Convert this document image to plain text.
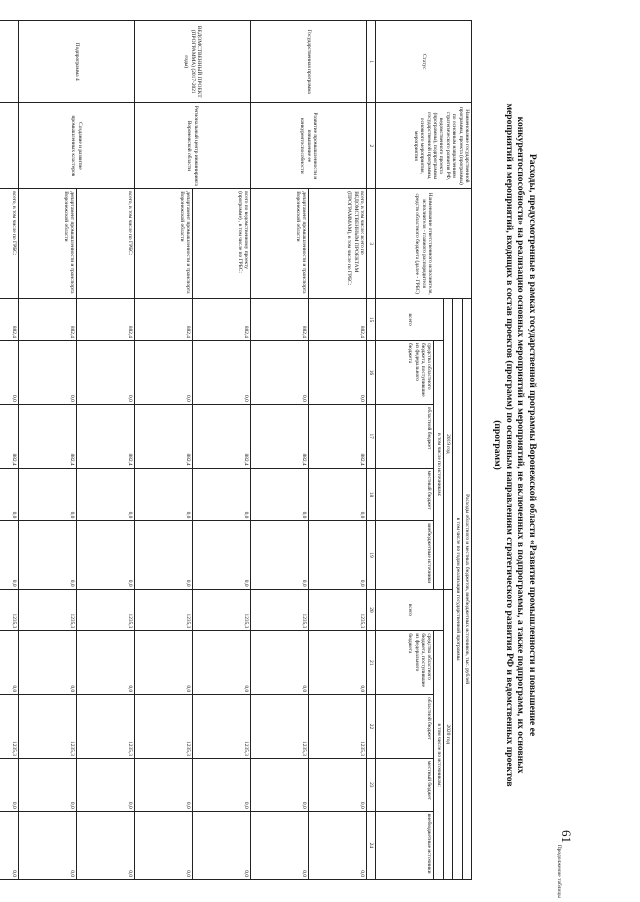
Продолжение таблицы
61
Расходы, предусмотренные в рамках государственной программы Воронежской области «Развитие промышленности и повышение ее конкурентоспособности» на реализацию основных мероприятий и мероприятий, не включенных в подпрограммы, а также подпрограмм, их основных мероприятий и мероприятий, входящих в состав проектов (программ) по основным направлениям стратегического развития РФ и ведомственных проектов (программ)
Статус	Наименование государственной программы, проекта (программы) по основным направлениям стратегического развития РФ, ведомственного проекта (программы), подпрограммы государственной программы, основного мероприятия, мероприятия	Наименование ответственного исполнителя, исполнителя - главного распорядителя средств областного бюджета (далее - ГРБС)	Расходы областного и местных бюджетов, внебюджетных источников, тыс. рублей									
			в том числе по годам реализации государственной программы									
			2019 год					2020 год				
			всего	в том числе по источникам:				всего	в том числе по источникам:			
				средства областного бюджета, поступившие из федерального бюджета	областной бюджет	местный бюджет	внебюджетные источники		средства областного бюджета, поступившие из федерального бюджета	областной бюджет	местный бюджет	внебюджетные источники
1	2	3	15	16	17	18	19	20	21	22	23	24
Государственная программа	Развитие промышленности и повышение ее конкурентоспособности	всего, в том числе: всего по ВЕДОМСТВЕННЫМ ПРОЕКТАМ (ПРОГРАММАМ), в том числе по ГРБС:	882,4	0,0	882,4	0,0	0,0	1235,3	0,0	1235,3	0,0	0,0
		департамент промышленности и транспорта Воронежской области	882,4	0,0	882,4	0,0	0,0	1235,3	0,0	1235,3	0,0	0,0
ВЕДОМСТВЕННЫЙ ПРОЕКТ (ПРОГРАММА) (2017-2021 годы)	Региональный центр инжиниринга Воронежской области	всего по ведомственному проекту (программе) , в том числе по ГРБС:	882,4	0,0	882,4	0,0	0,0	1235,3	0,0	1235,3	0,0	0,0
		департамент промышленности и транспорта Воронежской области	882,4	0,0	882,4	0,0	0,0	1235,3	0,0	1235,3	0,0	0,0
Подпрограмма 4	Создание и развитие промышленных кластеров	всего, в том числе по ГРБС:	882,4	0,0	882,4	0,0	0,0	1235,3	0,0	1235,3	0,0	0,0
		департамент промышленности и транспорта Воронежской области	882,4	0,0	882,4	0,0	0,0	1235,3	0,0	1235,3	0,0	0,0
		всего, в том числе по ГРБС:	882,4	0,0	882,4	0,0	0,0	1235,3	0,0	1235,3	0,0	0,0
